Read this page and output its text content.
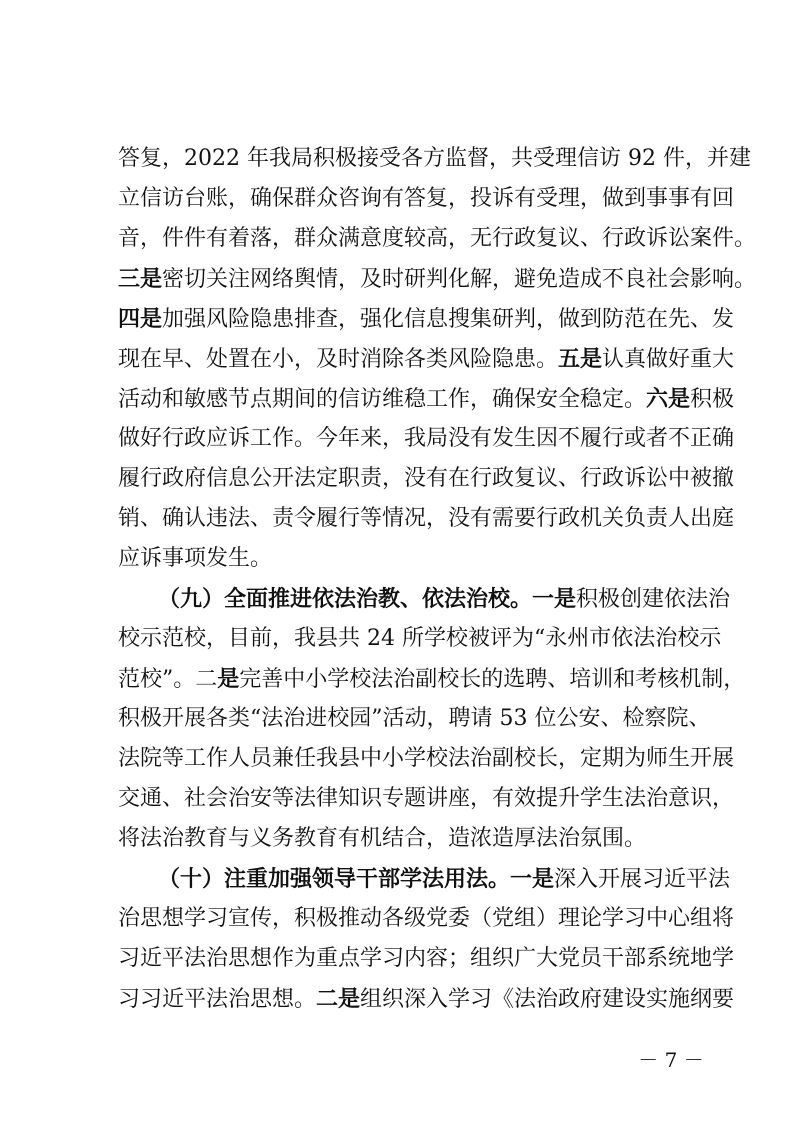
答复，2022 年我局积极接受各方监督，共受理信访 92 件，并建
立信访台账，确保群众咨询有答复，投诉有受理，做到事事有回
音，件件有着落，群众满意度较高，无行政复议、行政诉讼案件。
三是密切关注网络舆情，及时研判化解，避免造成不良社会影响。
四是加强风险隐患排查，强化信息搜集研判，做到防范在先、发
现在早、处置在小，及时消除各类风险隐患。五是认真做好重大
活动和敏感节点期间的信访维稳工作，确保安全稳定。六是积极
做好行政应诉工作。今年来，我局没有发生因不履行或者不正确
履行政府信息公开法定职责，没有在行政复议、行政诉讼中被撤
销、确认违法、责令履行等情况，没有需要行政机关负责人出庭
应诉事项发生。
（九）全面推进依法治教、依法治校。一是积极创建依法治
校示范校，目前，我县共 24 所学校被评为“永州市依法治校示
范校”。二是完善中小学校法治副校长的选聘、培训和考核机制，
积极开展各类“法治进校园”活动，聘请 53 位公安、检察院、
法院等工作人员兼任我县中小学校法治副校长，定期为师生开展
交通、社会治安等法律知识专题讲座，有效提升学生法治意识，
将法治教育与义务教育有机结合，造浓造厚法治氛围。
（十）注重加强领导干部学法用法。一是深入开展习近平法
治思想学习宣传，积极推动各级党委（党组）理论学习中心组将
习近平法治思想作为重点学习内容；组织广大党员干部系统地学
习习近平法治思想。二是组织深入学习《法治政府建设实施纲要
－ 7 －
